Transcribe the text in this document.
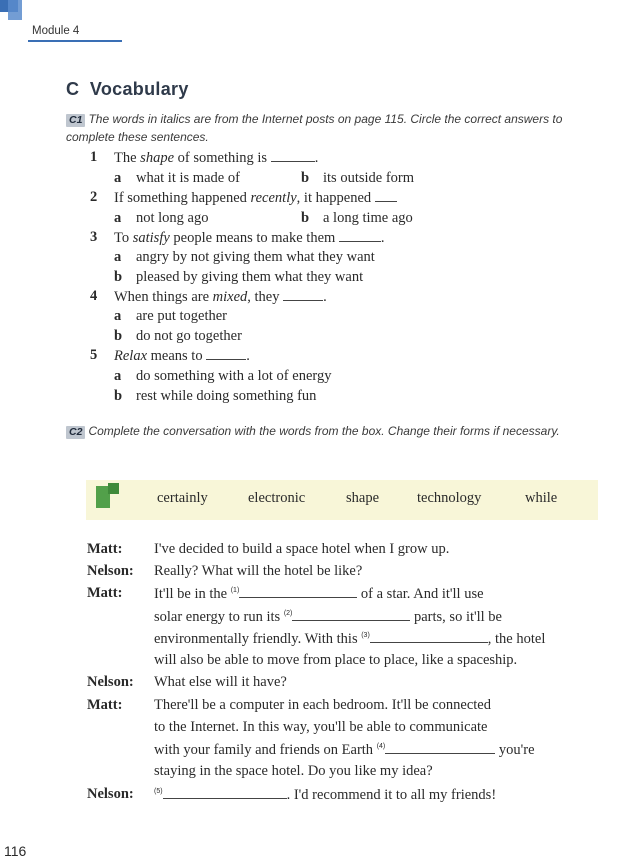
Module 4
C Vocabulary
C1 The words in italics are from the Internet posts on page 115. Circle the correct answers to complete these sentences.
1 The shape of something is	.
a what it is made of	b its outside form
2 If something happened recently, it happened
a not long ago	b a long time ago
3 To satisfy people means to make them	.
a angry by not giving them what they want
b pleased by giving them what they want
4 When things are mixed, they	.
a are put together
b do not go together
5 Relax means to	.
a do something with a lot of energy
b rest while doing something fun
C2 Complete the conversation with the words from the box. Change their forms if necessary.
certainly	electronic	shape	technology	while
Matt: I've decided to build a space hotel when I grow up.
Nelson: Really? What will the hotel be like?
Matt: It'll be in the $^{(1)}$	of a star. And it'll use
solar energy to run its $^{(2)}$	parts, so it'll be
environmentally friendly. With this $^{(3)}$	, the hotel
will also be able to move from place to place, like a spaceship.
Nelson: What else will it have?
Matt: There'll be a computer in each bedroom. It'll be connected
to the Internet. In this way, you'll be able to communicate
with your family and friends on Earth $^{(4)}$	you're
staying in the space hotel. Do you like my idea?
Nelson:	$^{(5)}$	. I'd recommend it to all my friends!
116
